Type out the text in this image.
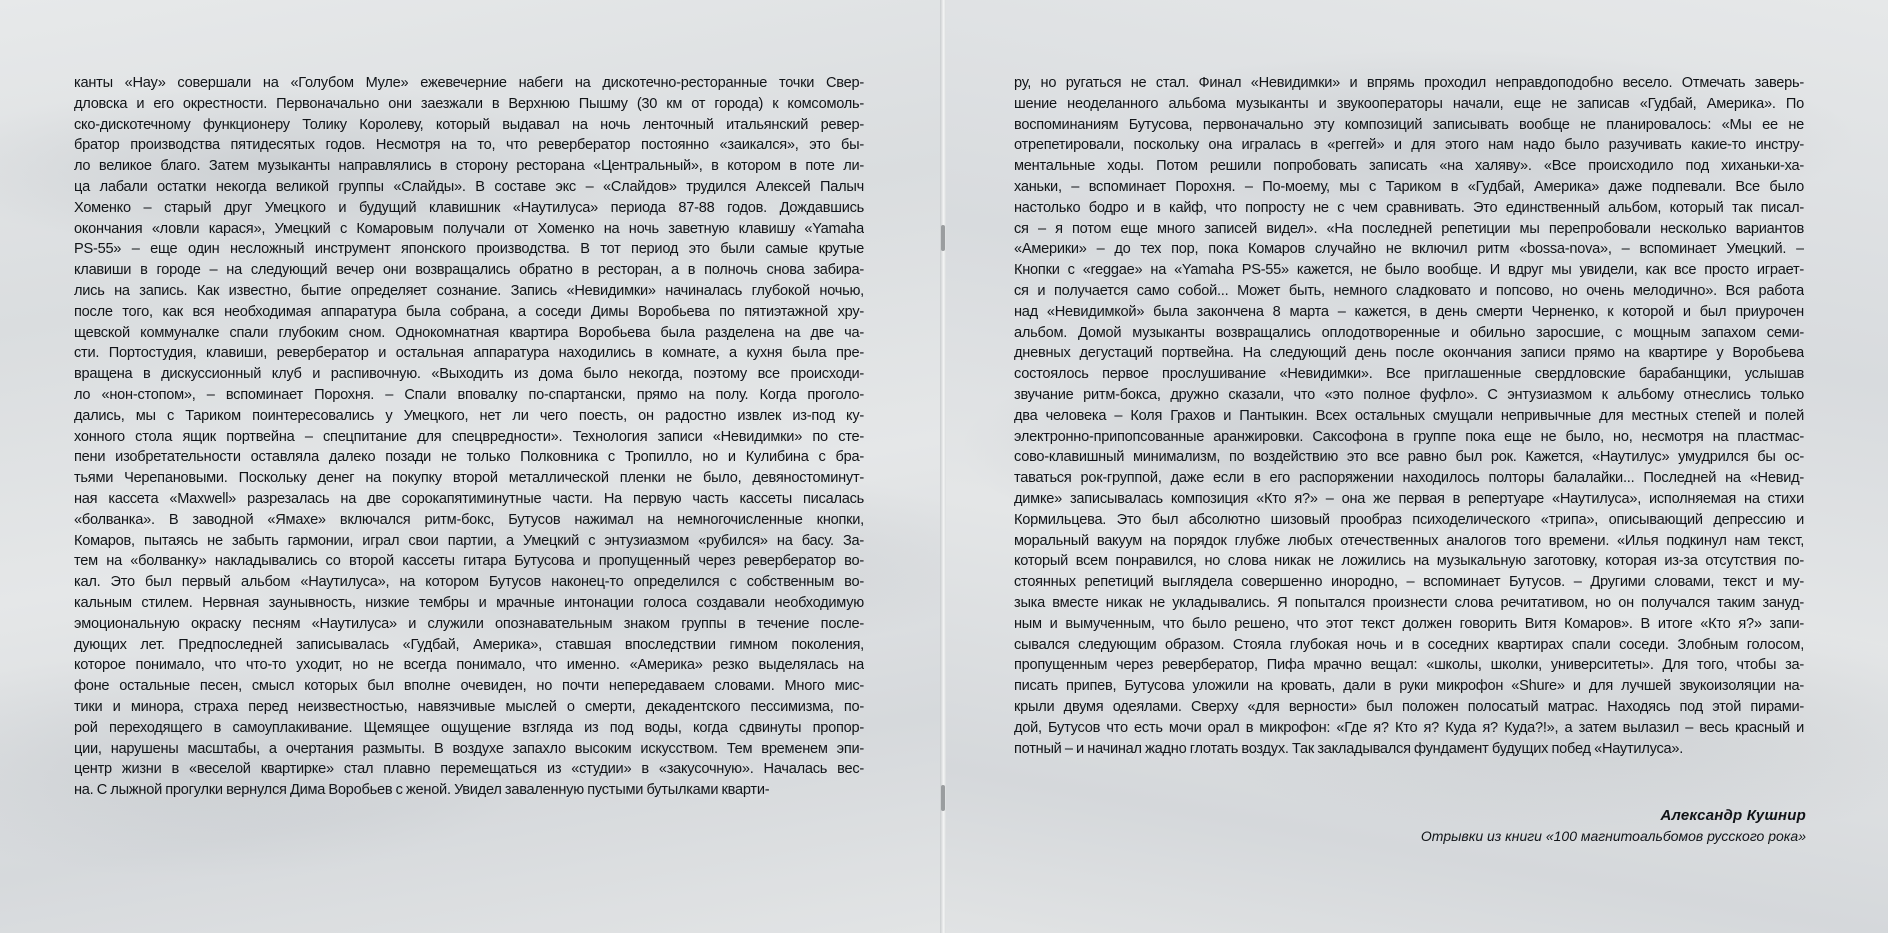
канты «Нау» совершали на «Голубом Муле» ежевечерние набеги на дискотечно-ресторанные точки Свер-
дловска и его окрестности. Первоначально они заезжали в Верхнюю Пышму (30 км от города) к комсомоль-
ско-дискотечному функционеру Толику Королеву, который выдавал на ночь ленточный итальянский ревер-
братор производства пятидесятых годов. Несмотря на то, что ревербератор постоянно «заикался», это бы-
ло великое благо. Затем музыканты направлялись в сторону ресторана «Центральный», в котором в поте ли-
ца лабали остатки некогда великой группы «Слайды». В составе экс – «Слайдов» трудился Алексей Палыч
Хоменко – старый друг Умецкого и будущий клавишник «Наутилуса» периода 87-88 годов. Дождавшись
окончания «ловли карася», Умецкий с Комаровым получали от Хоменко на ночь заветную клавишу «Yamaha
PS-55» – еще один несложный инструмент японского производства. В тот период это были самые крутые
клавиши в городе – на следующий вечер они возвращались обратно в ресторан, а в полночь снова забира-
лись на запись. Как известно, бытие определяет сознание. Запись «Невидимки» начиналась глубокой ночью,
после того, как вся необходимая аппаратура была собрана, а соседи Димы Воробьева по пятиэтажной хру-
щевской коммуналке спали глубоким сном. Однокомнатная квартира Воробьева была разделена на две ча-
сти. Портостудия, клавиши, ревербератор и остальная аппаратура находились в комнате, а кухня была пре-
вращена в дискуссионный клуб и распивочную. «Выходить из дома было некогда, поэтому все происходи-
ло «нон-стопом», – вспоминает Порохня. – Спали вповалку по-спартански, прямо на полу. Когда проголо-
дались, мы с Тариком поинтересовались у Умецкого, нет ли чего поесть, он радостно извлек из-под ку-
хонного стола ящик портвейна – спецпитание для спецвредности». Технология записи «Невидимки» по сте-
пени изобретательности оставляла далеко позади не только Полковника с Тропилло, но и Кулибина с бра-
тьями Черепановыми. Поскольку денег на покупку второй металлической пленки не было, девяностоминут-
ная кассета «Maxwell» разрезалась на две сорокапятиминутные части. На первую часть кассеты писалась
«болванка». В заводной «Ямахе» включался ритм-бокс, Бутусов нажимал на немногочисленные кнопки,
Комаров, пытаясь не забыть гармонии, играл свои партии, а Умецкий с энтузиазмом «рубился» на басу. За-
тем на «болванку» накладывались со второй кассеты гитара Бутусова и пропущенный через ревербератор во-
кал. Это был первый альбом «Наутилуса», на котором Бутусов наконец-то определился с собственным во-
кальным стилем. Нервная заунывность, низкие тембры и мрачные интонации голоса создавали необходимую
эмоциональную окраску песням «Наутилуса» и служили опознавательным знаком группы в течение после-
дующих лет. Предпоследней записывалась «Гудбай, Америка», ставшая впоследствии гимном поколения,
которое понимало, что что-то уходит, но не всегда понимало, что именно. «Америка» резко выделялась на
фоне остальные песен, смысл которых был вполне очевиден, но почти непередаваем словами. Много мис-
тики и минора, страха перед неизвестностью, навязчивые мыслей о смерти, декадентского пессимизма, по-
рой переходящего в самоуплакивание. Щемящее ощущение взгляда из под воды, когда сдвинуты пропор-
ции, нарушены масштабы, а очертания размыты. В воздухе запахло высоким искусством. Тем временем эпи-
центр жизни в «веселой квартирке» стал плавно перемещаться из «студии» в «закусочную». Началась вес-
на. С лыжной прогулки вернулся Дима Воробьев с женой. Увидел заваленную пустыми бутылками кварти-
ру, но ругаться не стал. Финал «Невидимки» и впрямь проходил неправдоподобно весело. Отмечать заверь-
шение неоделанного альбома музыканты и звукооператоры начали, еще не записав «Гудбай, Америка». По
воспоминаниям Бутусова, первоначально эту композиций записывать вообще не планировалось: «Мы ее не
отрепетировали, поскольку она игралась в «реггей» и для этого нам надо было разучивать какие-то инстру-
ментальные ходы. Потом решили попробовать записать «на халяву». «Все происходило под хиханьки-ха-
ханьки, – вспоминает Порохня. – По-моему, мы с Тариком в «Гудбай, Америка» даже подпевали. Все было
настолько бодро и в кайф, что попросту не с чем сравнивать. Это единственный альбом, который так писал-
ся – я потом еще много записей видел». «На последней репетиции мы перепробовали несколько вариантов
«Америки» – до тех пор, пока Комаров случайно не включил ритм «bossa-nova», – вспоминает Умецкий. –
Кнопки с «reggae» на «Yamaha PS-55» кажется, не было вообще. И вдруг мы увидели, как все просто играет-
ся и получается само собой... Может быть, немного сладковато и попсово, но очень мелодично». Вся работа
над «Невидимкой» была закончена 8 марта – кажется, в день смерти Черненко, к которой и был приурочен
альбом. Домой музыканты возвращались оплодотворенные и обильно заросшие, с мощным запахом семи-
дневных дегустаций портвейна. На следующий день после окончания записи прямо на квартире у Воробьева
состоялось первое прослушивание «Невидимки». Все приглашенные свердловские барабанщики, услышав
звучание ритм-бокса, дружно сказали, что «это полное фуфло». С энтузиазмом к альбому отнеслись только
два человека – Коля Грахов и Пантыкин. Всех остальных смущали непривычные для местных степей и полей
электронно-припопсованные аранжировки. Саксофона в группе пока еще не было, но, несмотря на пластмас-
сово-клавишный минимализм, по воздействию это все равно был рок. Кажется, «Наутилус» умудрился бы ос-
таваться рок-группой, даже если в его распоряжении находилось полторы балалайки... Последней на «Невид-
димке» записывалась композиция «Кто я?» – она же первая в репертуаре «Наутилуса», исполняемая на стихи
Кормильцева. Это был абсолютно шизовый прообраз психоделического «трипа», описывающий депрессию и
моральный вакуум на порядок глубже любых отечественных аналогов того времени. «Илья подкинул нам текст,
который всем понравился, но слова никак не ложились на музыкальную заготовку, которая из-за отсутствия по-
стоянных репетиций выглядела совершенно инородно, – вспоминает Бутусов. – Другими словами, текст и му-
зыка вместе никак не укладывались. Я попытался произнести слова речитативом, но он получался таким зануд-
ным и вымученным, что было решено, что этот текст должен говорить Витя Комаров». В итоге «Кто я?» запи-
сывался следующим образом. Стояла глубокая ночь и в соседних квартирах спали соседи. Злобным голосом,
пропущенным через ревербератор, Пифа мрачно вещал: «школы, школки, университеты». Для того, чтобы за-
писать припев, Бутусова уложили на кровать, дали в руки микрофон «Shure» и для лучшей звукоизоляции на-
крыли двумя одеялами. Сверху «для верности» был положен полосатый матрас. Находясь под этой пирами-
дой, Бутусов что есть мочи орал в микрофон: «Где я? Кто я? Куда я? Куда?!», а затем вылазил – весь красный и
потный – и начинал жадно глотать воздух. Так закладывался фундамент будущих побед «Наутилуса».
Александр Кушнир
Отрывки из книги «100 магнитоальбомов русского рока»
